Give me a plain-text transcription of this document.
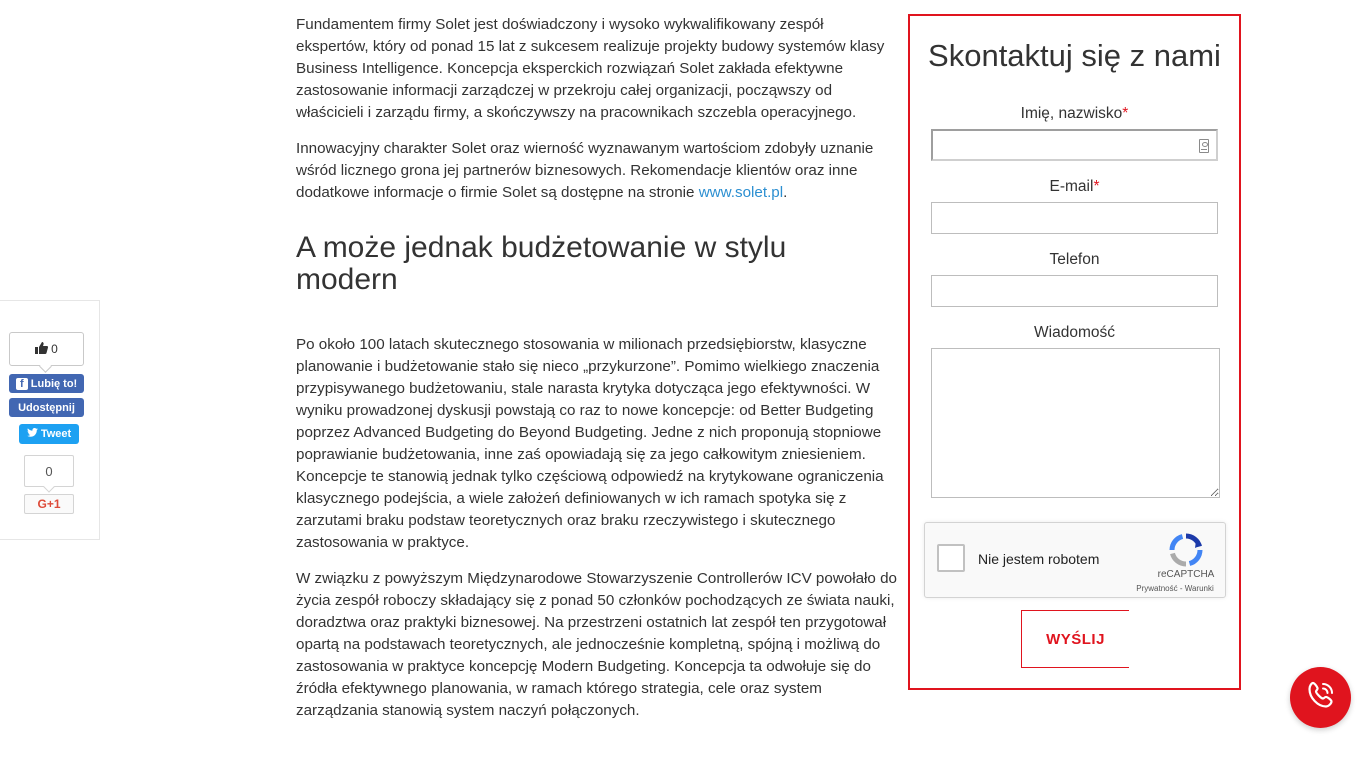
0
f Lubię to!
Udostępnij
Tweet
0
G+1

Fundamentem firmy Solet jest doświadczony i wysoko wykwalifikowany zespół ekspertów, który od ponad 15 lat z sukcesem realizuje projekty budowy systemów klasy Business Intelligence. Koncepcja eksperckich rozwiązań Solet zakłada efektywne zastosowanie informacji zarządczej w przekroju całej organizacji, począwszy od właścicieli i zarządu firmy, a skończywszy na pracownikach szczebla operacyjnego.

Innowacyjny charakter Solet oraz wierność wyznawanym wartościom zdobyły uznanie wśród licznego grona jej partnerów biznesowych. Rekomendacje klientów oraz inne dodatkowe informacje o firmie Solet są dostępne na stronie www.solet.pl.

A może jednak budżetowanie w stylu modern

Po około 100 latach skutecznego stosowania w milionach przedsiębiorstw, klasyczne planowanie i budżetowanie stało się nieco „przykurzone”. Pomimo wielkiego znaczenia przypisywanego budżetowaniu, stale narasta krytyka dotycząca jego efektywności. W wyniku prowadzonej dyskusji powstają co raz to nowe koncepcje: od Better Budgeting poprzez Advanced Budgeting do Beyond Budgeting. Jedne z nich proponują stopniowe poprawianie budżetowania, inne zaś opowiadają się za jego całkowitym zniesieniem. Koncepcje te stanowią jednak tylko częściową odpowiedź na krytykowane ograniczenia klasycznego podejścia, a wiele założeń definiowanych w ich ramach spotyka się z zarzutami braku podstaw teoretycznych oraz braku rzeczywistego i skutecznego zastosowania w praktyce.

W związku z powyższym Międzynarodowe Stowarzyszenie Controllerów ICV powołało do życia zespół roboczy składający się z ponad 50 członków pochodzących ze świata nauki, doradztwa oraz praktyki biznesowej. Na przestrzeni ostatnich lat zespół ten przygotował opartą na podstawach teoretycznych, ale jednocześnie kompletną, spójną i możliwą do zastosowania w praktyce koncepcję Modern Budgeting. Koncepcja ta odwołuje się do źródła efektywnego planowania, w ramach którego strategia, cele oraz system zarządzania stanowią system naczyń połączonych.

Skontaktuj się z nami
Imię, nazwisko*
E-mail*
Telefon
Wiadomość
Nie jestem robotem
reCAPTCHA
Prywatność - Warunki
WYŚLIJ
